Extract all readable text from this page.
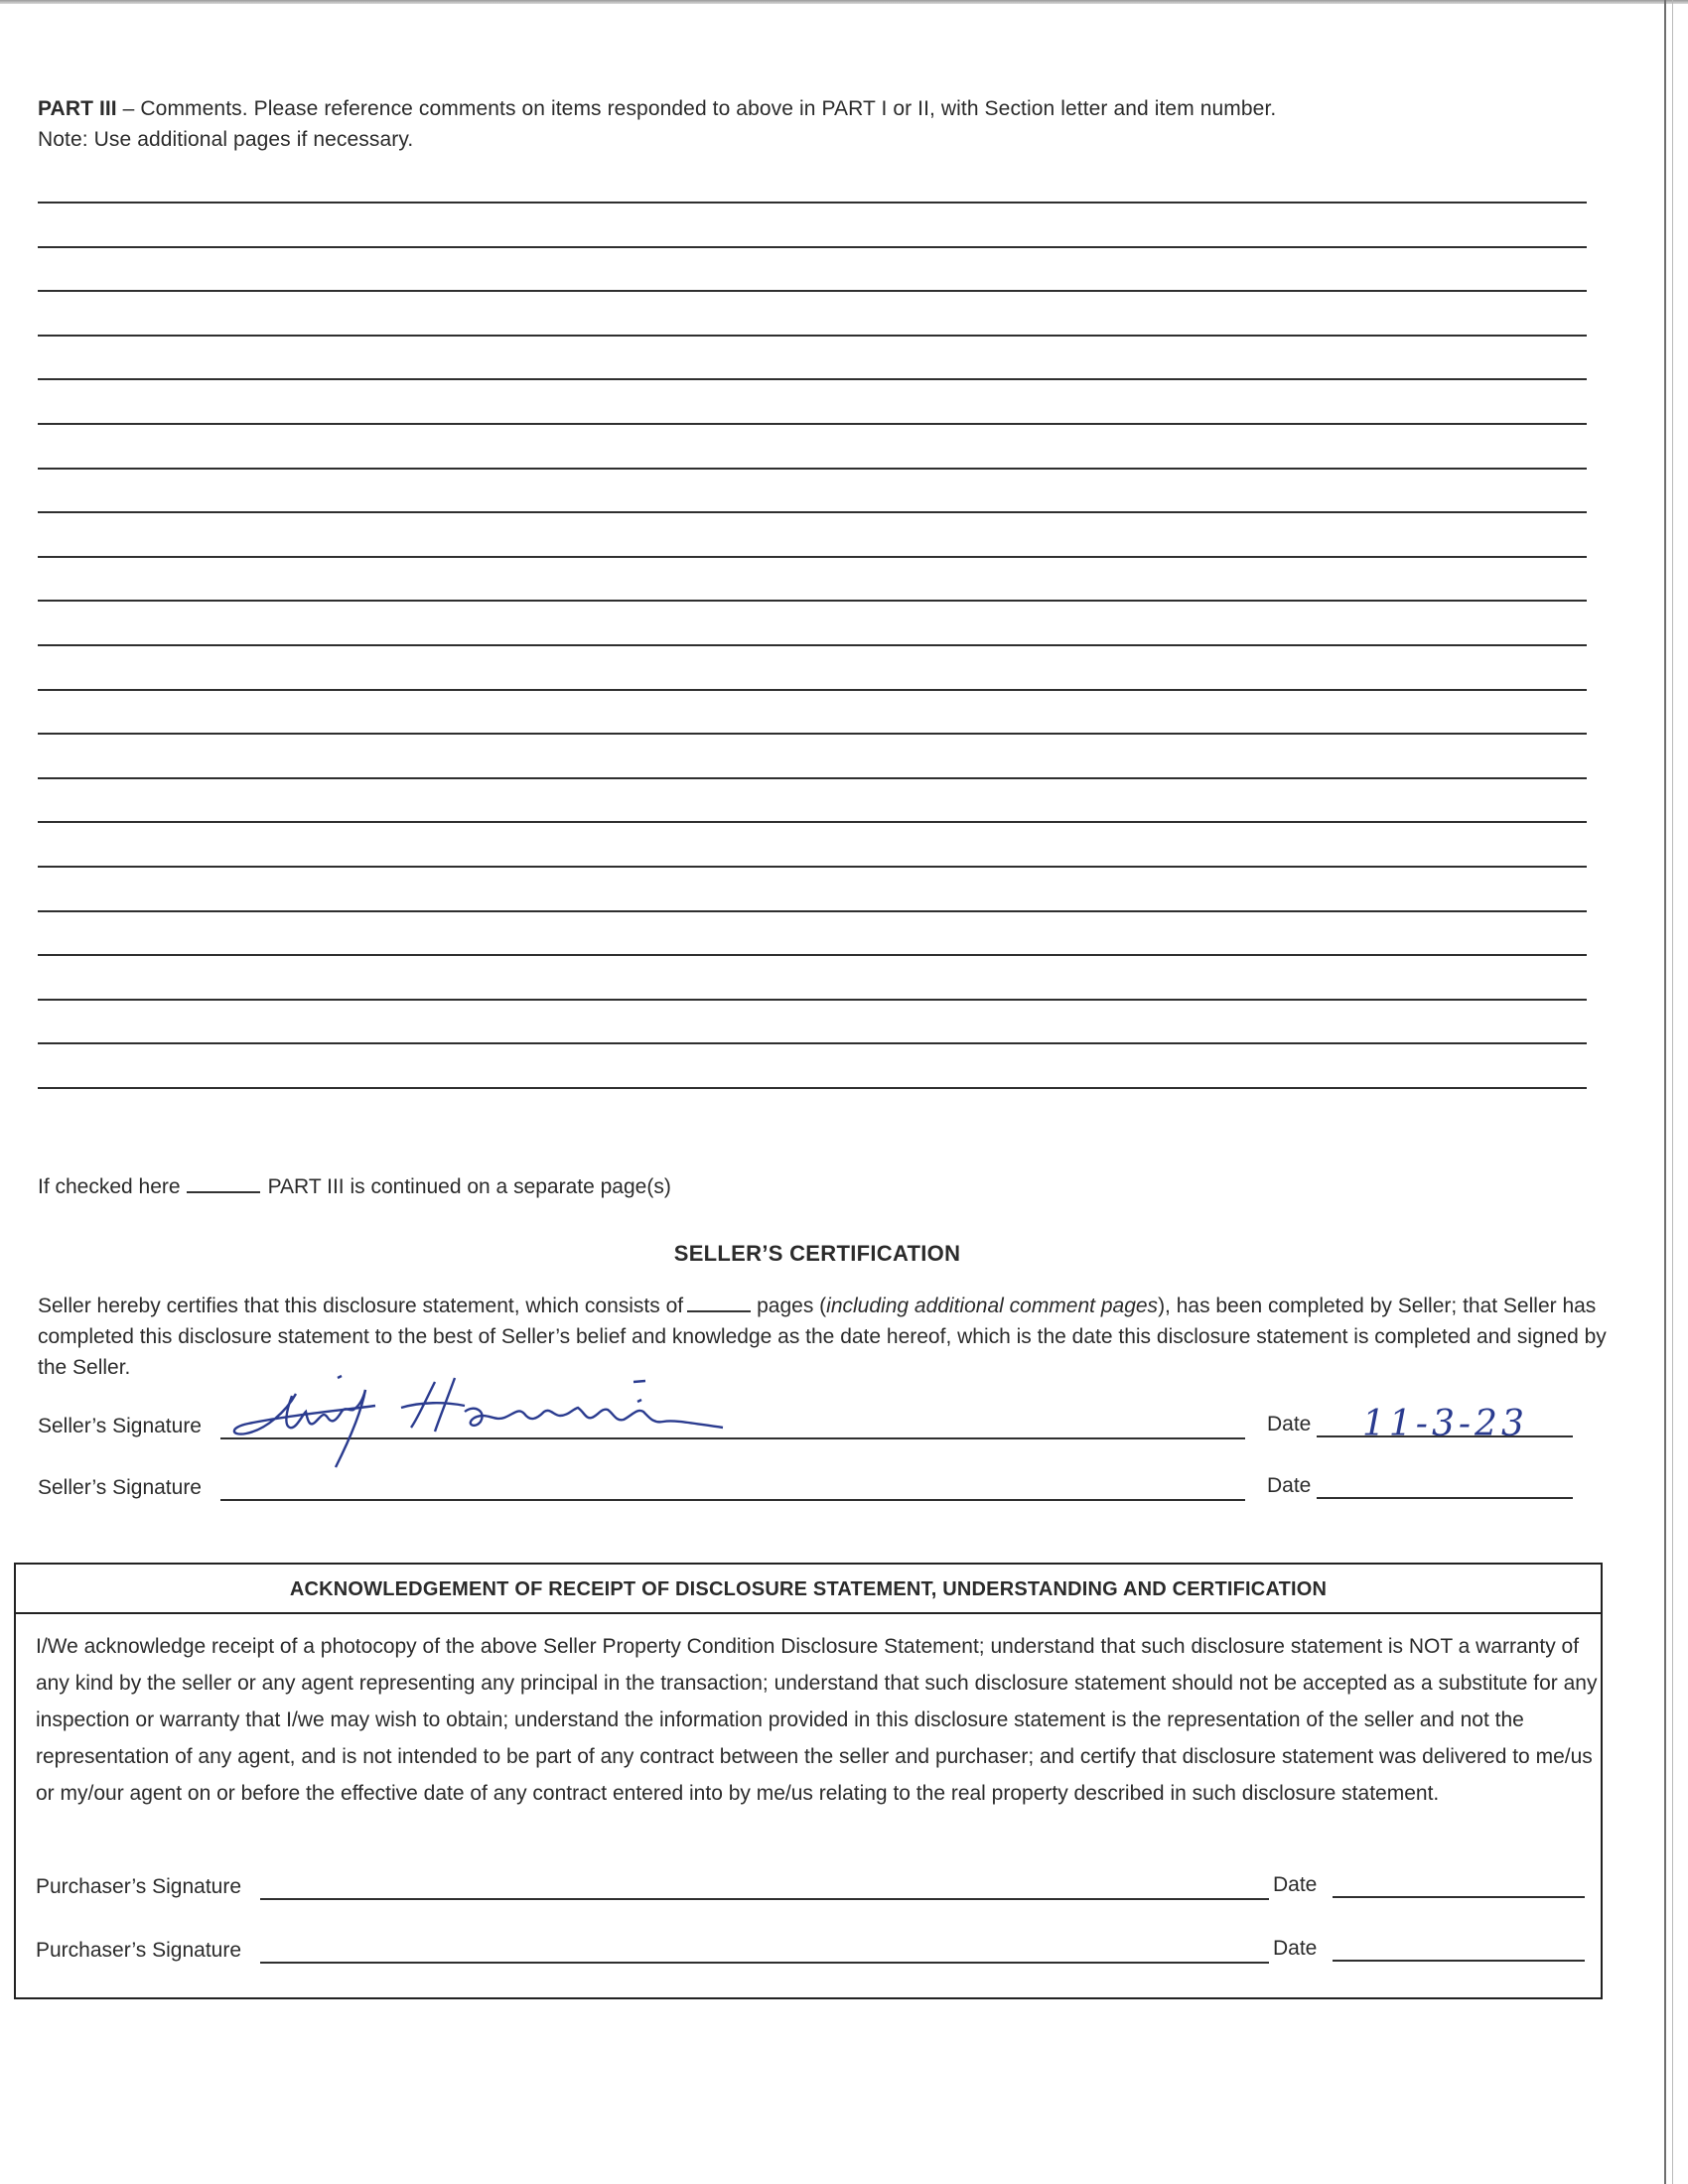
PART III – Comments. Please reference comments on items responded to above in PART I or II, with Section letter and item number.
Note: Use additional pages if necessary.
If checked here	PART III is continued on a separate page(s)
SELLER’S CERTIFICATION
Seller hereby certifies that this disclosure statement, which consists of	pages (including additional comment pages), has been completed by Seller; that Seller has completed this disclosure statement to the best of Seller’s belief and knowledge as the date hereof, which is the date this disclosure statement is completed and signed by the Seller.
Seller’s Signature	Date 11-3-23
Seller’s Signature	Date
ACKNOWLEDGEMENT OF RECEIPT OF DISCLOSURE STATEMENT, UNDERSTANDING AND CERTIFICATION
I/We acknowledge receipt of a photocopy of the above Seller Property Condition Disclosure Statement; understand that such disclosure statement is NOT a warranty of any kind by the seller or any agent representing any principal in the transaction; understand that such disclosure statement should not be accepted as a substitute for any inspection or warranty that I/we may wish to obtain; understand the information provided in this disclosure statement is the representation of the seller and not the representation of any agent, and is not intended to be part of any contract between the seller and purchaser; and certify that disclosure statement was delivered to me/us or my/our agent on or before the effective date of any contract entered into by me/us relating to the real property described in such disclosure statement.
Purchaser’s Signature	Date
Purchaser’s Signature	Date
